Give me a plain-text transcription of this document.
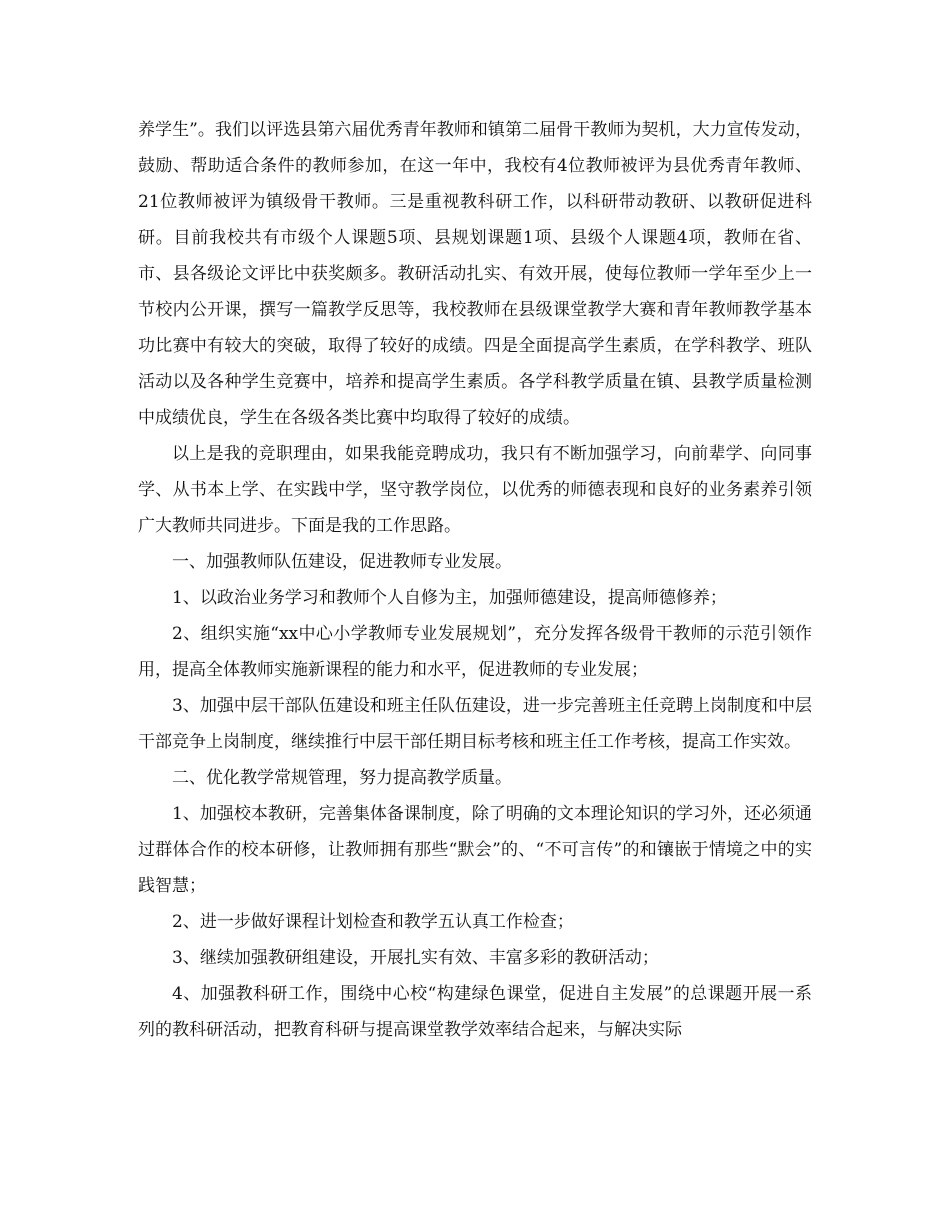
养学生”。我们以评选县第六届优秀青年教师和镇第二届骨干教师为契机，大力宣传发动，鼓励、帮助适合条件的教师参加，在这一年中，我校有4位教师被评为县优秀青年教师、21位教师被评为镇级骨干教师。三是重视教科研工作，以科研带动教研、以教研促进科研。目前我校共有市级个人课题5项、县规划课题1项、县级个人课题4项，教师在省、市、县各级论文评比中获奖颇多。教研活动扎实、有效开展，使每位教师一学年至少上一节校内公开课，撰写一篇教学反思等，我校教师在县级课堂教学大赛和青年教师教学基本功比赛中有较大的突破，取得了较好的成绩。四是全面提高学生素质，在学科教学、班队活动以及各种学生竞赛中，培养和提高学生素质。各学科教学质量在镇、县教学质量检测中成绩优良，学生在各级各类比赛中均取得了较好的成绩。

以上是我的竞职理由，如果我能竞聘成功，我只有不断加强学习，向前辈学、向同事学、从书本上学、在实践中学，坚守教学岗位，以优秀的师德表现和良好的业务素养引领广大教师共同进步。下面是我的工作思路。

一、加强教师队伍建设，促进教师专业发展。

1、以政治业务学习和教师个人自修为主，加强师德建设，提高师德修养；

2、组织实施“xx中心小学教师专业发展规划”，充分发挥各级骨干教师的示范引领作用，提高全体教师实施新课程的能力和水平，促进教师的专业发展；

3、加强中层干部队伍建设和班主任队伍建设，进一步完善班主任竞聘上岗制度和中层干部竞争上岗制度，继续推行中层干部任期目标考核和班主任工作考核，提高工作实效。

二、优化教学常规管理，努力提高教学质量。

1、加强校本教研，完善集体备课制度，除了明确的文本理论知识的学习外，还必须通过群体合作的校本研修，让教师拥有那些“默会”的、“不可言传”的和镶嵌于情境之中的实践智慧；

2、进一步做好课程计划检查和教学五认真工作检查；

3、继续加强教研组建设，开展扎实有效、丰富多彩的教研活动；

4、加强教科研工作，围绕中心校“构建绿色课堂，促进自主发展”的总课题开展一系列的教科研活动，把教育科研与提高课堂教学效率结合起来，与解决实际
